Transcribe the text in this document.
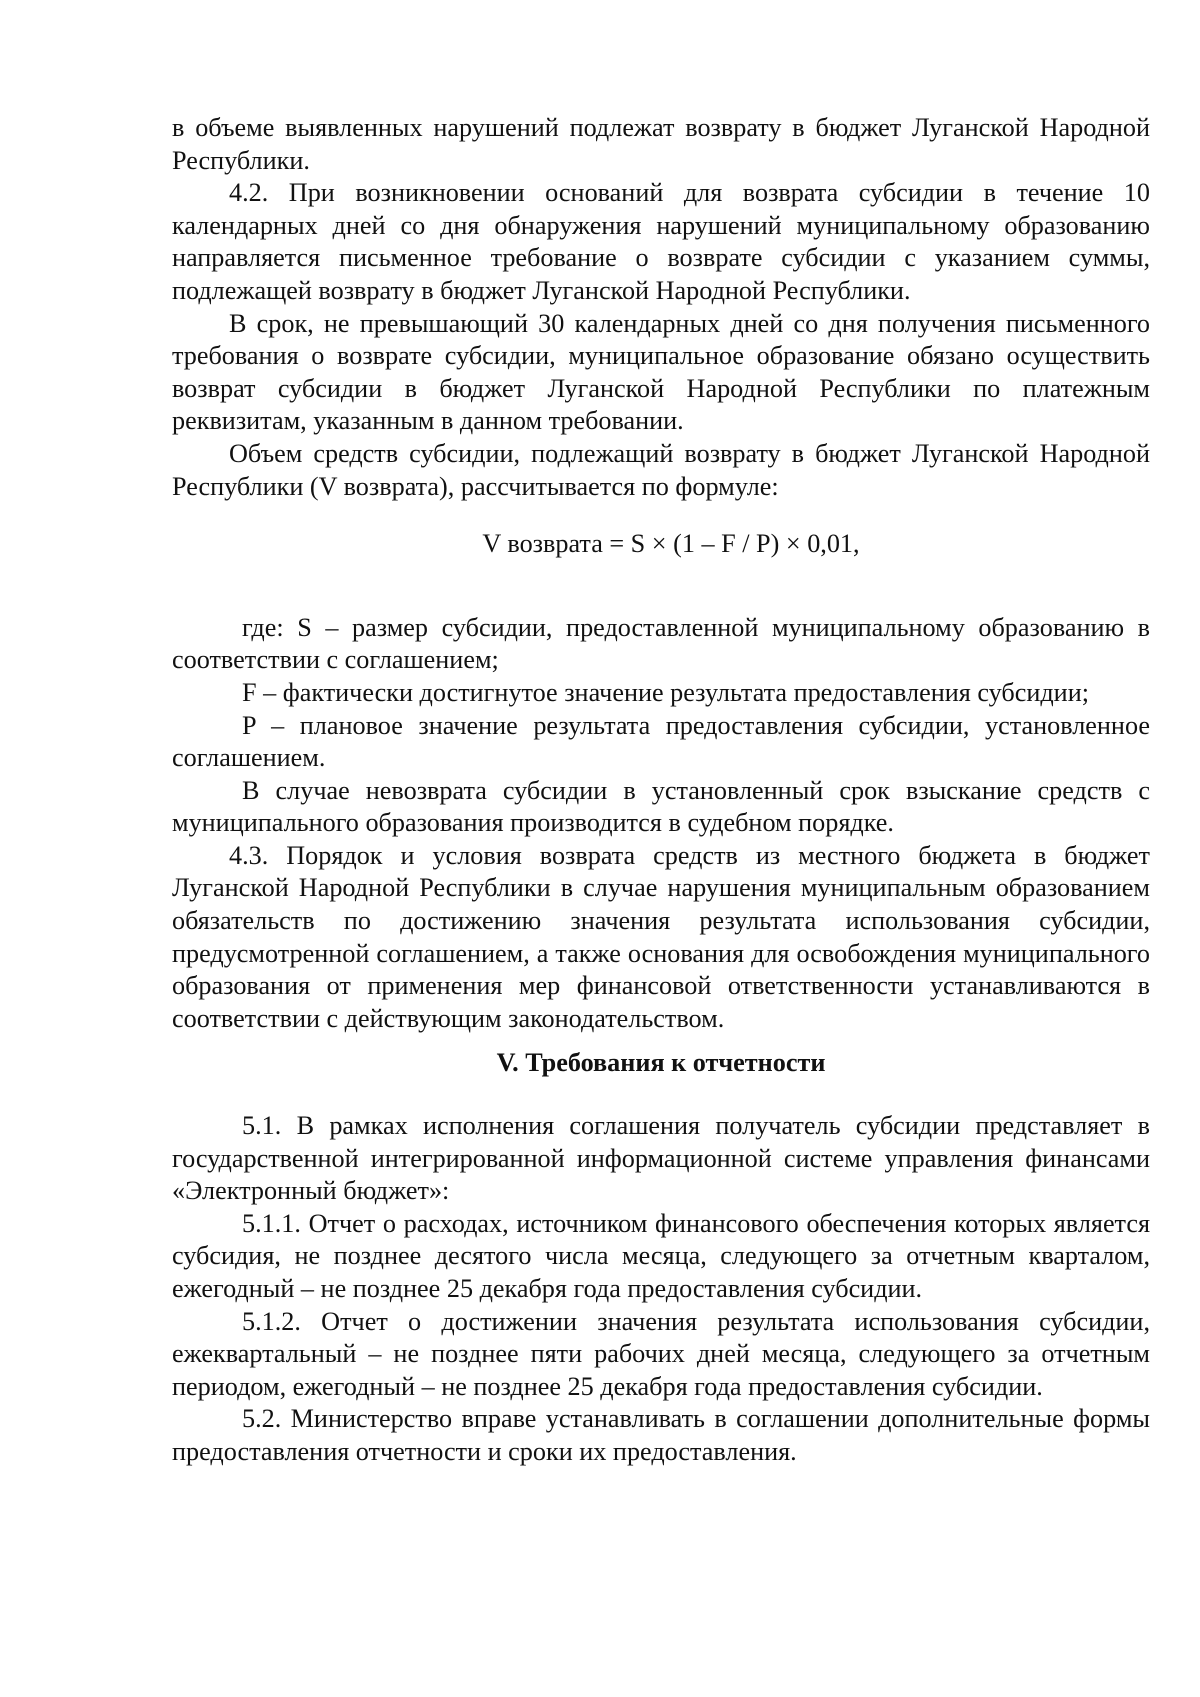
в объеме выявленных нарушений подлежат возврату в бюджет Луганской Народной Республики.

4.2. При возникновении оснований для возврата субсидии в течение 10 календарных дней со дня обнаружения нарушений муниципальному образованию направляется письменное требование о возврате субсидии с указанием суммы, подлежащей возврату в бюджет Луганской Народной Республики.

В срок, не превышающий 30 календарных дней со дня получения письменного требования о возврате субсидии, муниципальное образование обязано осуществить возврат субсидии в бюджет Луганской Народной Республики по платежным реквизитам, указанным в данном требовании.

Объем средств субсидии, подлежащий возврату в бюджет Луганской Народной Республики (V возврата), рассчитывается по формуле:

V возврата = S × (1 – F / P) × 0,01,

где: S – размер субсидии, предоставленной муниципальному образованию в соответствии с соглашением;

F – фактически достигнутое значение результата предоставления субсидии;

P – плановое значение результата предоставления субсидии, установленное соглашением.

В случае невозврата субсидии в установленный срок взыскание средств с муниципального образования производится в судебном порядке.

4.3. Порядок и условия возврата средств из местного бюджета в бюджет Луганской Народной Республики в случае нарушения муниципальным образованием обязательств по достижению значения результата использования субсидии, предусмотренной соглашением, а также основания для освобождения муниципального образования от применения мер финансовой ответственности устанавливаются в соответствии с действующим законодательством.

V. Требования к отчетности

5.1. В рамках исполнения соглашения получатель субсидии представляет в государственной интегрированной информационной системе управления финансами «Электронный бюджет»:

5.1.1. Отчет о расходах, источником финансового обеспечения которых является субсидия, не позднее десятого числа месяца, следующего за отчетным кварталом, ежегодный – не позднее 25 декабря года предоставления субсидии.

5.1.2. Отчет о достижении значения результата использования субсидии, ежеквартальный – не позднее пяти рабочих дней месяца, следующего за отчетным периодом, ежегодный – не позднее 25 декабря года предоставления субсидии.

5.2. Министерство вправе устанавливать в соглашении дополнительные формы предоставления отчетности и сроки их предоставления.
